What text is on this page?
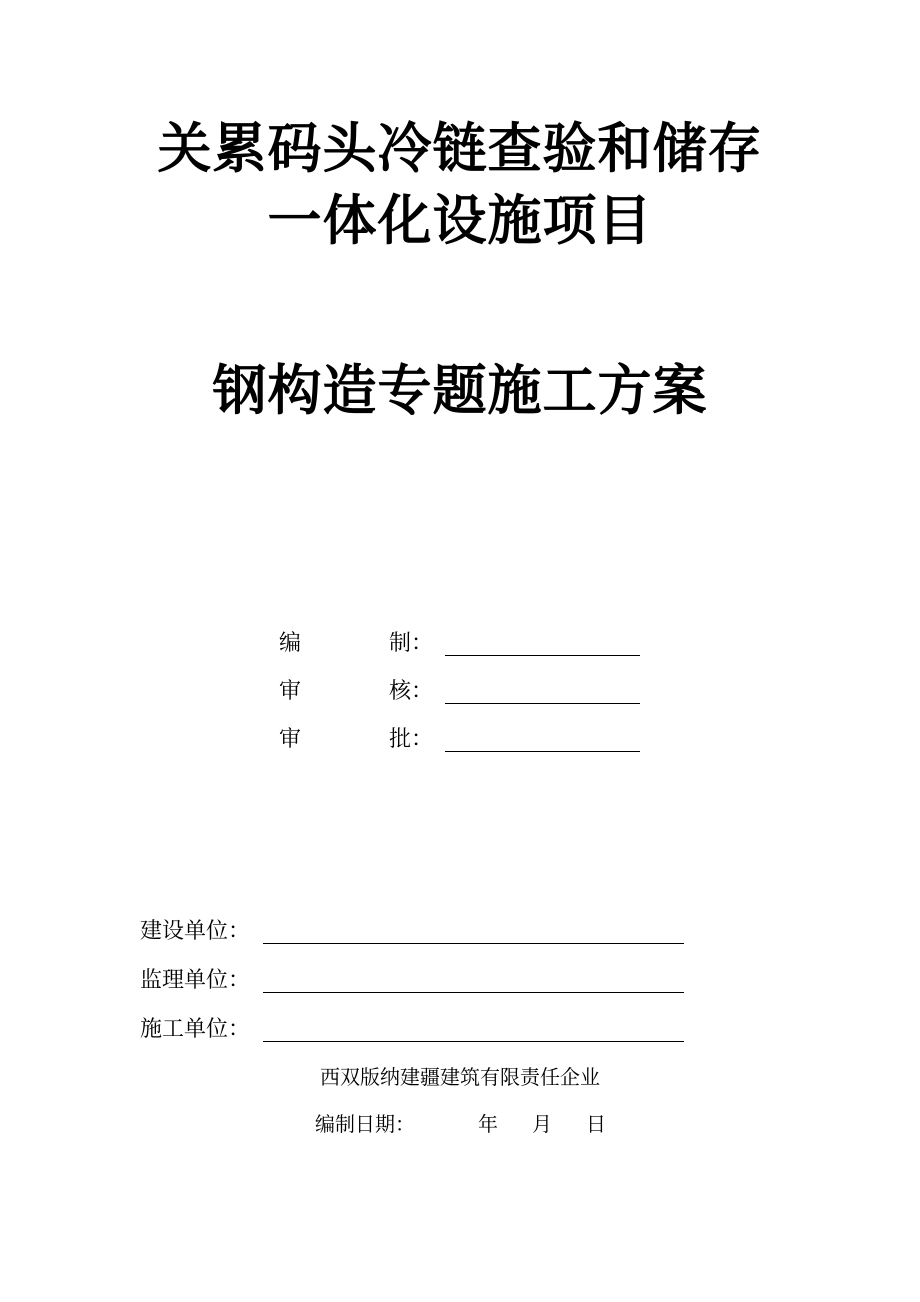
关累码头冷链查验和储存
一体化设施项目
钢构造专题施工方案
编	制：
审	核：
审	批：
建设单位：
监理单位：
施工单位：
西双版纳建疆建筑有限责任企业
编制日期：	年 月 日
